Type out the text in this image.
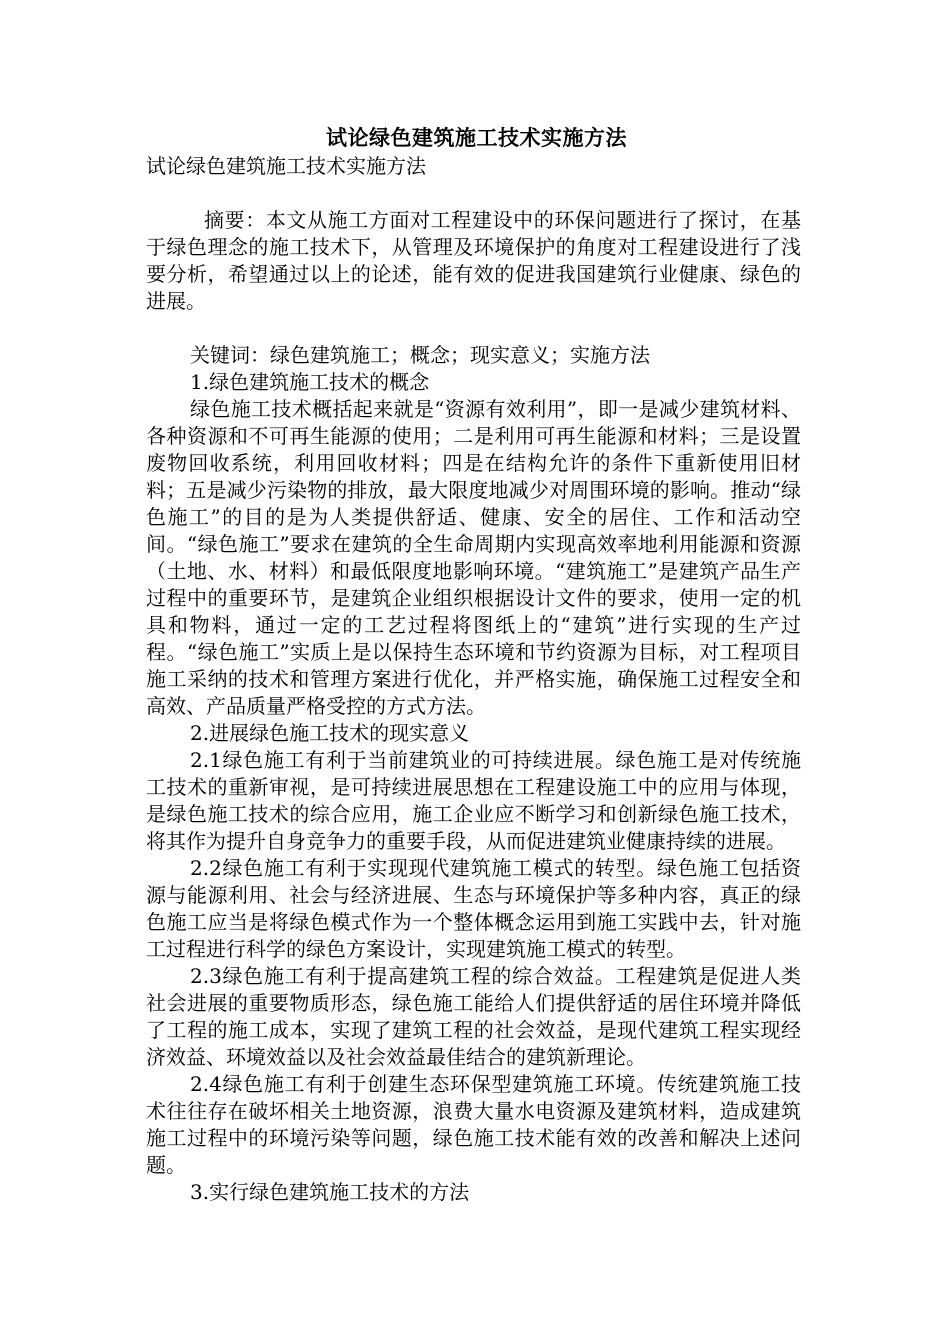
试论绿色建筑施工技术实施方法
试论绿色建筑施工技术实施方法

摘要：本文从施工方面对工程建设中的环保问题进行了探讨，在基于绿色理念的施工技术下，从管理及环境保护的角度对工程建设进行了浅要分析，希望通过以上的论述，能有效的促进我国建筑行业健康、绿色的进展。

关键词：绿色建筑施工；概念；现实意义；实施方法

1.绿色建筑施工技术的概念

绿色施工技术概括起来就是“资源有效利用”，即一是减少建筑材料、各种资源和不可再生能源的使用；二是利用可再生能源和材料；三是设置废物回收系统，利用回收材料；四是在结构允许的条件下重新使用旧材料；五是减少污染物的排放，最大限度地减少对周围环境的影响。推动“绿色施工”的目的是为人类提供舒适、健康、安全的居住、工作和活动空间。“绿色施工”要求在建筑的全生命周期内实现高效率地利用能源和资源（土地、水、材料）和最低限度地影响环境。“建筑施工”是建筑产品生产过程中的重要环节，是建筑企业组织根据设计文件的要求，使用一定的机具和物料，通过一定的工艺过程将图纸上的“建筑”进行实现的生产过程。“绿色施工”实质上是以保持生态环境和节约资源为目标，对工程项目施工采纳的技术和管理方案进行优化，并严格实施，确保施工过程安全和高效、产品质量严格受控的方式方法。

2.进展绿色施工技术的现实意义

2.1绿色施工有利于当前建筑业的可持续进展。绿色施工是对传统施工技术的重新审视，是可持续进展思想在工程建设施工中的应用与体现，是绿色施工技术的综合应用，施工企业应不断学习和创新绿色施工技术，将其作为提升自身竞争力的重要手段，从而促进建筑业健康持续的进展。

2.2绿色施工有利于实现现代建筑施工模式的转型。绿色施工包括资源与能源利用、社会与经济进展、生态与环境保护等多种内容，真正的绿色施工应当是将绿色模式作为一个整体概念运用到施工实践中去，针对施工过程进行科学的绿色方案设计，实现建筑施工模式的转型。

2.3绿色施工有利于提高建筑工程的综合效益。工程建筑是促进人类社会进展的重要物质形态，绿色施工能给人们提供舒适的居住环境并降低了工程的施工成本，实现了建筑工程的社会效益，是现代建筑工程实现经济效益、环境效益以及社会效益最佳结合的建筑新理论。

2.4绿色施工有利于创建生态环保型建筑施工环境。传统建筑施工技术往往存在破坏相关土地资源，浪费大量水电资源及建筑材料，造成建筑施工过程中的环境污染等问题，绿色施工技术能有效的改善和解决上述问题。

3.实行绿色建筑施工技术的方法
